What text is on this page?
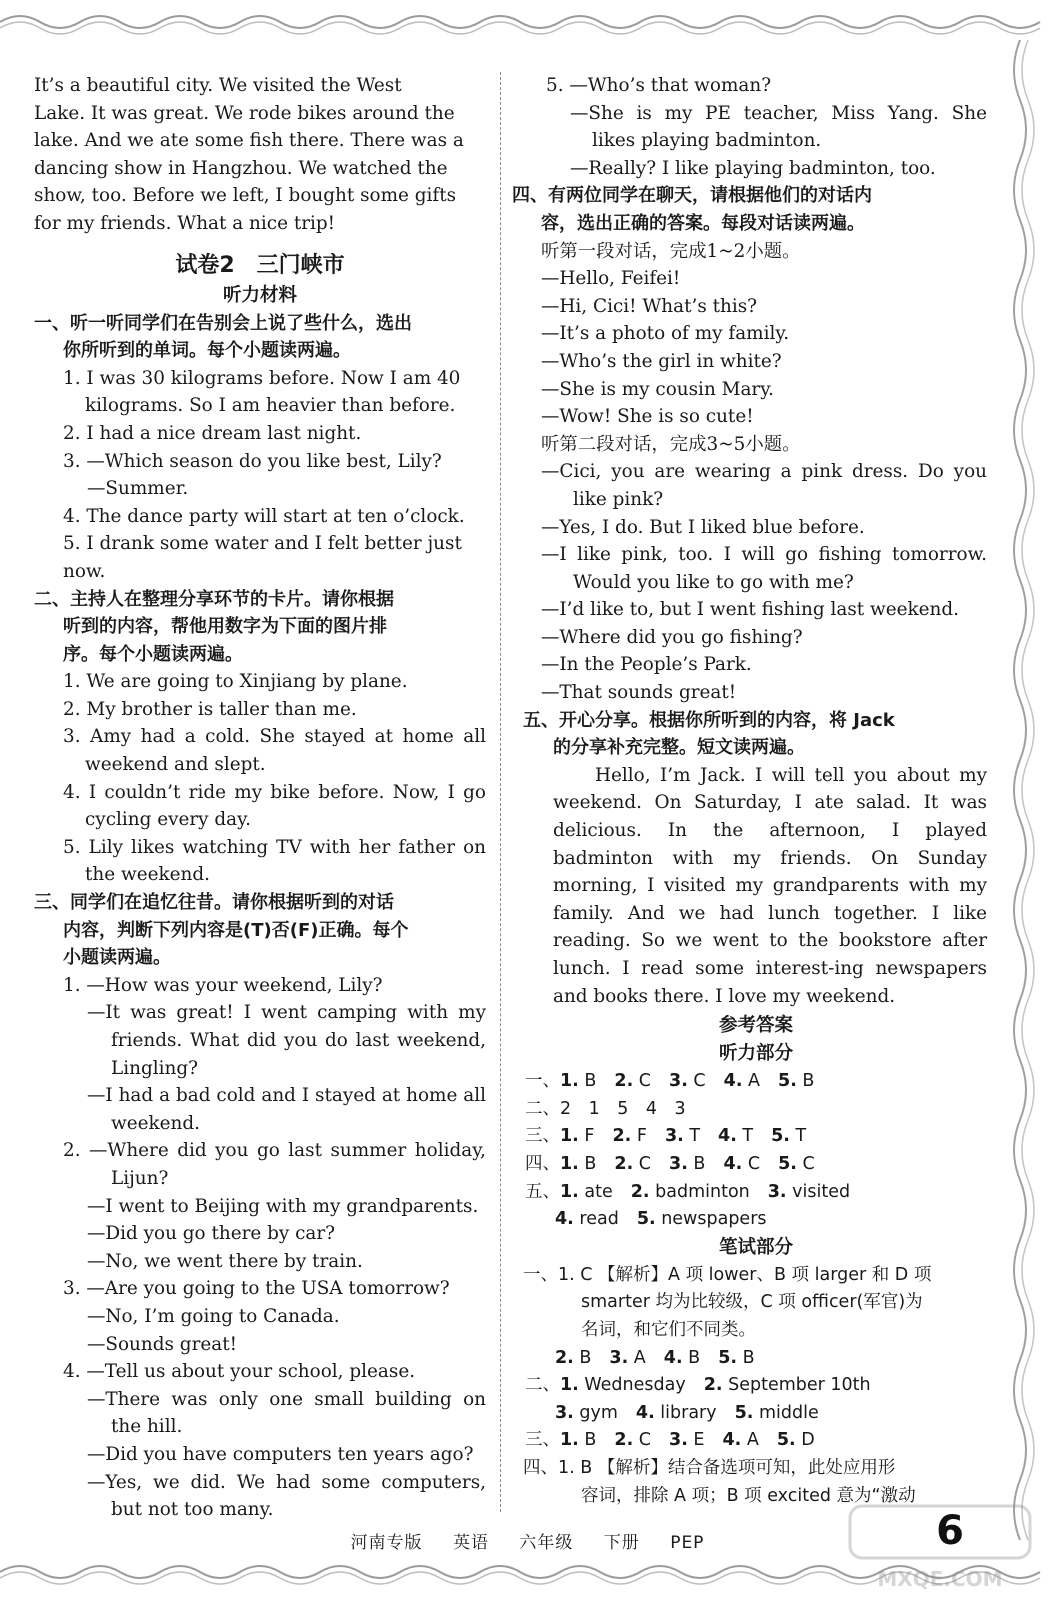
It’s a beautiful city. We visited the West

Lake. It was great. We rode bikes around the

lake. And we ate some fish there. There was a

dancing show in Hangzhou. We watched the

show, too. Before we left, I bought some gifts

for my friends. What a nice trip!

试卷2　三门峡市
听力材料

一、听一听同学们在告别会上说了些什么，选出

你所听到的单词。每个小题读两遍。

1. I was 30 kilograms before. Now I am 40 kilograms. So I am heavier than before.

2. I had a nice dream last night.

3. —Which season do you like best, Lily?

—Summer.

4. The dance party will start at ten o’clock.

5. I drank some water and I felt better just now.

二、主持人在整理分享环节的卡片。请你根据

听到的内容，帮他用数字为下面的图片排

序。每个小题读两遍。

1. We are going to Xinjiang by plane.

2. My brother is taller than me.

3. Amy had a cold. She stayed at home all weekend and slept.

4. I couldn’t ride my bike before. Now, I go cycling every day.

5. Lily likes watching TV with her father on the weekend.

三、同学们在追忆往昔。请你根据听到的对话

内容，判断下列内容是(T)否(F)正确。每个

小题读两遍。

1. —How was your weekend, Lily?

—It was great! I went camping with my friends. What did you do last weekend, Lingling?

—I had a bad cold and I stayed at home all weekend.

2. —Where did you go last summer holiday, Lijun?

—I went to Beijing with my grandparents.

—Did you go there by car?

—No, we went there by train.

3. —Are you going to the USA tomorrow?

—No, I’m going to Canada.

—Sounds great!

4. —Tell us about your school, please.

—There was only one small building on the hill.

—Did you have computers ten years ago?

—Yes, we did. We had some computers, but not too many.

5. —Who’s that woman?

—She is my PE teacher, Miss Yang. She likes playing badminton.

—Really? I like playing badminton, too.

四、有两位同学在聊天，请根据他们的对话内

容，选出正确的答案。每段对话读两遍。

听第一段对话，完成1~2小题。

—Hello, Feifei!

—Hi, Cici! What’s this?

—It’s a photo of my family.

—Who’s the girl in white?

—She is my cousin Mary.

—Wow! She is so cute!

听第二段对话，完成3~5小题。

—Cici, you are wearing a pink dress. Do you like pink?

—Yes, I do. But I liked blue before.

—I like pink, too. I will go fishing tomorrow. Would you like to go with me?

—I’d like to, but I went fishing last weekend.

—Where did you go fishing?

—In the People’s Park.

—That sounds great!

五、开心分享。根据你所听到的内容，将 Jack

的分享补充完整。短文读两遍。

Hello, I’m Jack. I will tell you about my weekend. On Saturday, I ate salad. It was delicious. In the afternoon, I played badminton with my friends. On Sunday morning, I visited my grandparents with my family. And we had lunch together. I like reading. So we went to the bookstore after lunch. I read some interest-ing newspapers and books there. I love my weekend.

参考答案
听力部分

一、1. B 2. C 3. C 4. A 5. B

二、2　1　5　4　3

三、1. F 2. F 3. T 4. T 5. T

四、1. B 2. C 3. B 4. C 5. C

五、1. ate 2. badminton 3. visited

4. read 5. newspapers

笔试部分

一、1. C 【解析】A 项 lower、B 项 larger 和 D 项

smarter 均为比较级，C 项 officer(军官)为

名词，和它们不同类。

2. B 3. A 4. B 5. B

二、1. Wednesday 2. September 10th

3. gym 4. library 5. middle

三、1. B 2. C 3. E 4. A 5. D

四、1. B 【解析】结合备选项可知，此处应用形

容词，排除 A 项；B 项 excited 意为“激动

河南专版 英语 六年级 下册 PEP
MXQE.COM
6
